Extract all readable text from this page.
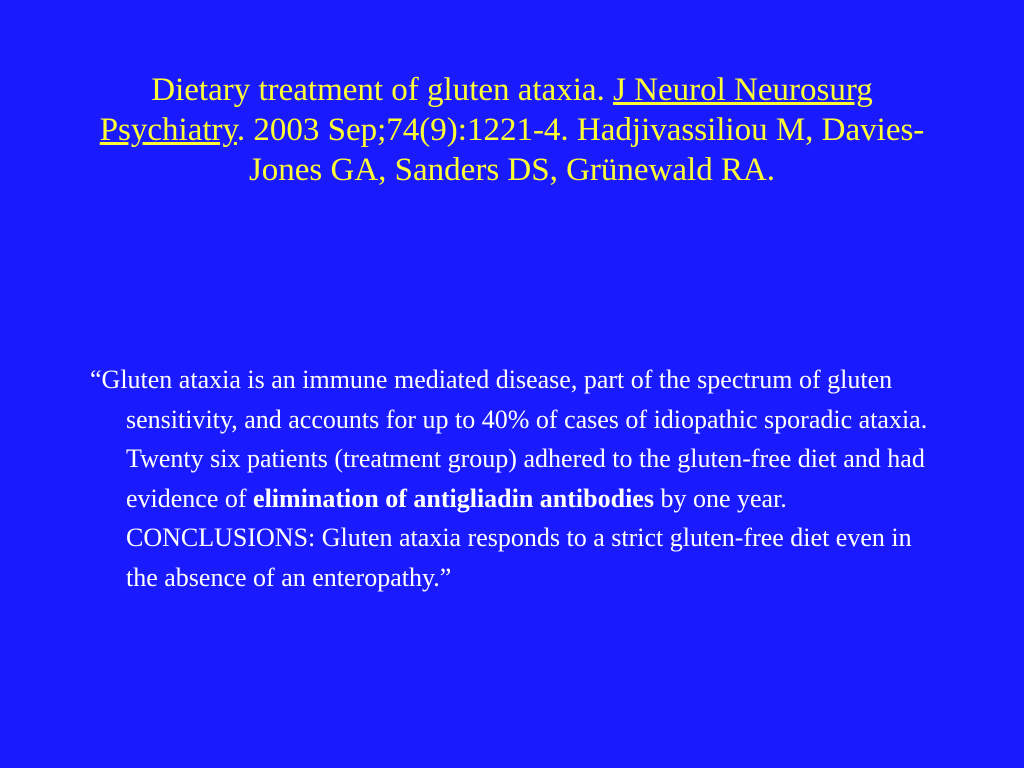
Dietary treatment of gluten ataxia. J Neurol Neurosurg Psychiatry. 2003 Sep;74(9):1221-4. Hadjivassiliou M, Davies-Jones GA, Sanders DS, Grünewald RA.
“Gluten ataxia is an immune mediated disease, part of the spectrum of gluten sensitivity, and accounts for up to 40% of cases of idiopathic sporadic ataxia. Twenty six patients (treatment group) adhered to the gluten-free diet and had evidence of elimination of antigliadin antibodies by one year. CONCLUSIONS: Gluten ataxia responds to a strict gluten-free diet even in the absence of an enteropathy.”
